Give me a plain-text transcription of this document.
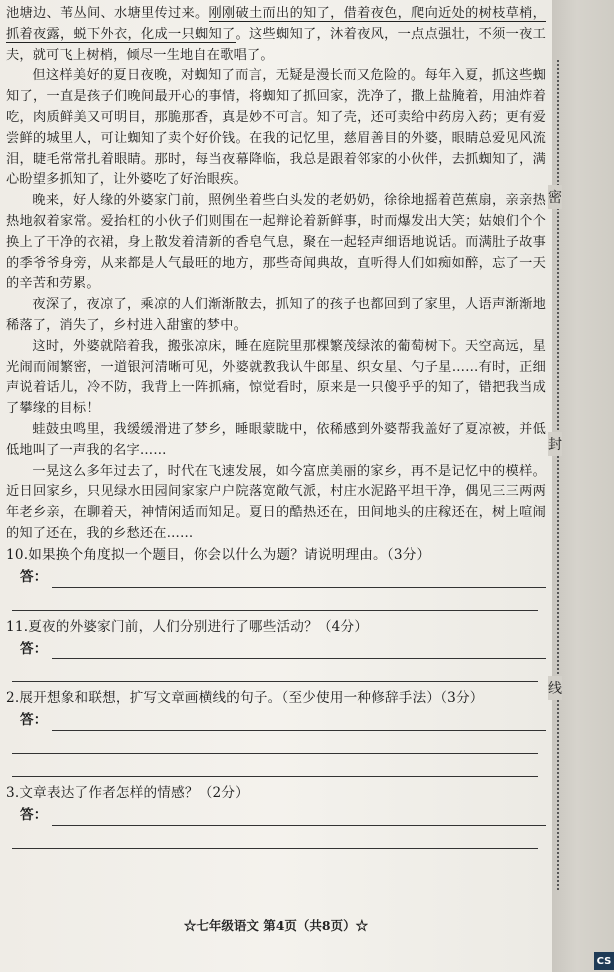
池塘边、苇丛间、水塘里传过来。刚刚破土而出的知了，借着夜色，爬向近处的树枝草梢，抓着夜露，蜕下外衣，化成一只蜘知了。这些蜘知了，沐着夜风，一点点强壮，不须一夜工夫，就可飞上树梢，倾尽一生地自在歌唱了。

但这样美好的夏日夜晚，对蜘知了而言，无疑是漫长而又危险的。每年入夏，抓这些蜘知了，一直是孩子们晚间最开心的事情，将蜘知了抓回家，洗净了，撒上盐腌着，用油炸着吃，肉质鲜美又可明目，那脆那香，真是妙不可言。知了壳，还可卖给中药房入药；更有爱尝鲜的城里人，可让蜘知了卖个好价钱。在我的记忆里，慈眉善目的外婆，眼睛总爱见风流泪，睫毛常常扎着眼睛。那时，每当夜幕降临，我总是跟着邻家的小伙伴，去抓蜘知了，满心盼望多抓知了，让外婆吃了好治眼疾。

晚来，好人缘的外婆家门前，照例坐着些白头发的老奶奶，徐徐地摇着芭蕉扇，亲亲热热地叙着家常。爱抬杠的小伙子们则围在一起辩论着新鲜事，时而爆发出大笑；姑娘们个个换上了干净的衣裙，身上散发着清新的香皂气息，聚在一起轻声细语地说话。而满肚子故事的季爷爷身旁，从来都是人气最旺的地方，那些奇闻典故，直听得人们如痴如醉，忘了一天的辛苦和劳累。

夜深了，夜凉了，乘凉的人们渐渐散去，抓知了的孩子也都回到了家里，人语声渐渐地稀落了，消失了，乡村进入甜蜜的梦中。

这时，外婆就陪着我，搬张凉床，睡在庭院里那棵繁茂绿浓的葡萄树下。天空高远，星光闹而闹繁密，一道银河清晰可见，外婆就教我认牛郎星、织女星、勺子星……有时，正细声说着话儿，冷不防，我背上一阵抓痛，惊觉看时，原来是一只傻乎乎的知了，错把我当成了攀缘的目标！

蛙鼓虫鸣里，我缓缓滑进了梦乡，睡眼蒙眬中，依稀感到外婆帮我盖好了夏凉被，并低低地叫了一声我的名字……

一晃这么多年过去了，时代在飞速发展，如今富庶美丽的家乡，再不是记忆中的模样。近日回家乡，只见绿水田园间家家户户院落宽敞气派，村庄水泥路平坦干净，偶见三三两两年老乡亲，在聊着天，神情闲适而知足。夏日的酷热还在，田间地头的庄稼还在，树上喧闹的知了还在，我的乡愁还在……

10.如果换个角度拟一个题目，你会以什么为题？请说明理由。（3分）

答：

11.夏夜的外婆家门前，人们分别进行了哪些活动？（4分）

答：

2.展开想象和联想，扩写文章画横线的句子。（至少使用一种修辞手法）（3分）

答：

3.文章表达了作者怎样的情感？（2分）

答：
☆七年级语文 第4页（共8页）☆
密
封
线
CS
